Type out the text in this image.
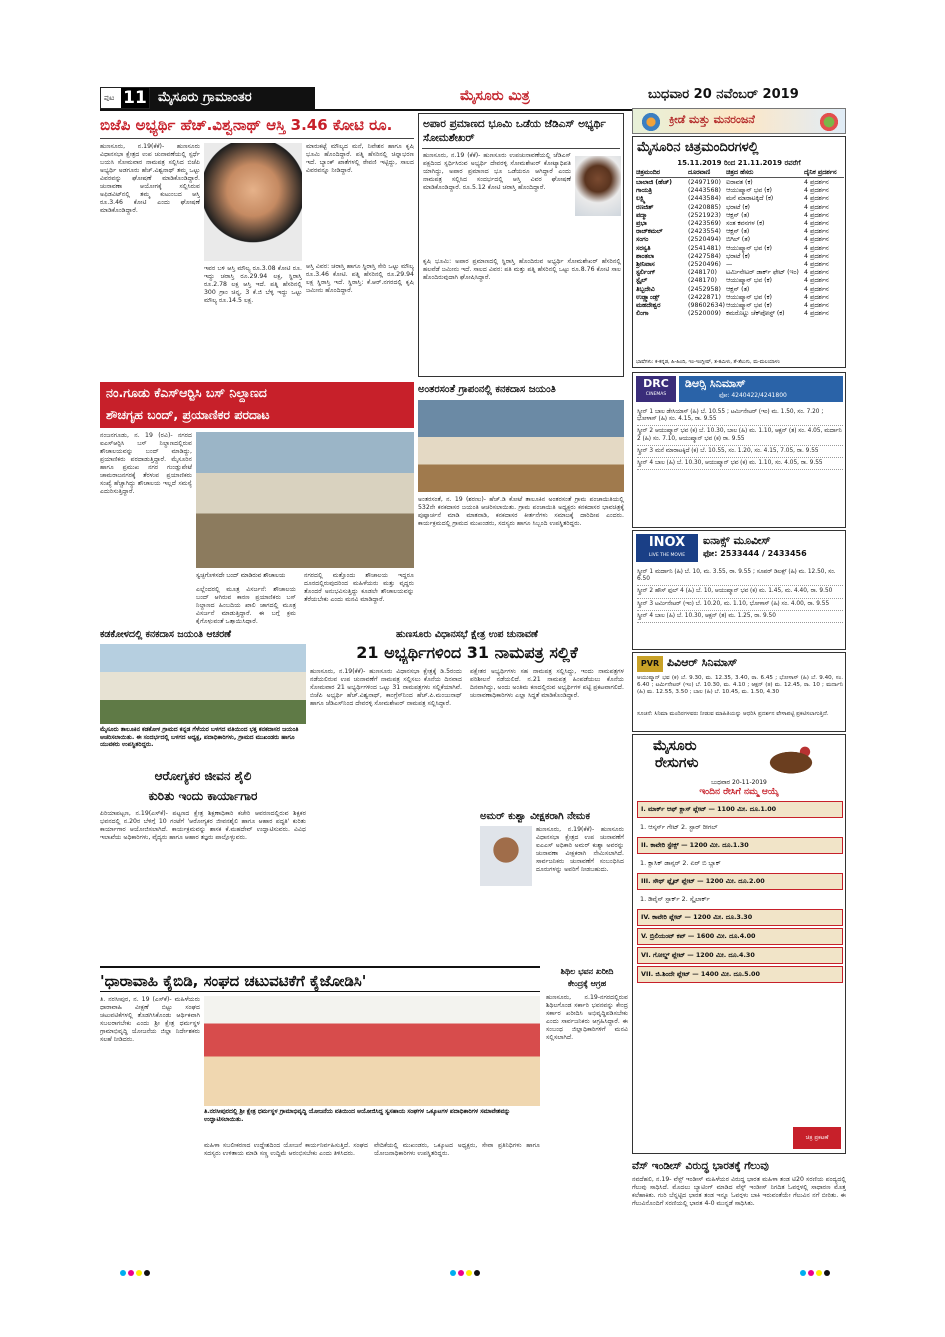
ಪುಟ 11 ಮೈಸೂರು ಗ್ರಾಮಾಂತರ	ಮೈಸೂರು ಮಿತ್ರ	ಬುಧವಾರ 20 ನವೆಂಬರ್ 2019
ಬಿಜೆಪಿ ಅಭ್ಯರ್ಥಿ ಹೆಚ್.ವಿಶ್ವನಾಥ್ ಆಸ್ತಿ 3.46 ಕೋಟಿ ರೂ.
ಹುಣಸೂರು, ನ.19(ಕೆಕೆ)- ಹುಣಸೂರು ವಿಧಾನಸಭಾ ಕ್ಷೇತ್ರದ ಉಪ ಚುನಾವಣೆಯಲ್ಲಿ ಸ್ಪರ್ಧೆ ಬಯಸಿ ಸೋಮವಾರ ನಾಮಪತ್ರ ಸಲ್ಲಿಸಿದ ಬಿಜೆಪಿ ಅಭ್ಯರ್ಥಿ ಅಡಗೂರು ಹೆಚ್.ವಿಶ್ವನಾಥ್ ತಮ್ಮ ಒಟ್ಟು ವಿವರವನ್ನು ಘೋಷಣೆ ಮಾಡಿಕೊಂಡಿದ್ದಾರೆ. ಚುನಾವಣಾ ಆಯೋಗಕ್ಕೆ ಸಲ್ಲಿಸಿರುವ ಅಫಿಡವಿಟ್‍ನಲ್ಲಿ ತಮ್ಮ ಕುಟುಂಬದ ಆಸ್ತಿ ರೂ.3.46 ಕೋಟಿ ಎಂದು ಘೋಷಣೆ ಮಾಡಿಕೊಂಡಿದ್ದಾರೆ.
ಮಾರುಕಟ್ಟೆ ಮೌಲ್ಯದ ಮನೆ, ನಿವೇಶನ ಹಾಗೂ ಕೃಷಿ ಭೂಮಿ ಹೊಂದಿದ್ದಾರೆ. ಪತ್ನಿ ಹೆಸರಿನಲ್ಲಿ ಚಿನ್ನಾಭರಣ ಇದೆ. ಬ್ಯಾಂಕ್ ಖಾತೆಗಳಲ್ಲಿ ಠೇವಣಿ ಇಟ್ಟಿದ್ದು, ಸಾಲದ ವಿವರವನ್ನೂ ನೀಡಿದ್ದಾರೆ.
ಆಸ್ತಿ ವಿವರ: ಚರಾಸ್ತಿ ಹಾಗೂ ಸ್ಥಿರಾಸ್ತಿ ಸೇರಿ ಒಟ್ಟು ಮೌಲ್ಯ ರೂ.3.46 ಕೋಟಿ. ಪತ್ನಿ ಹೆಸರಿನಲ್ಲಿ ರೂ.29.94 ಲಕ್ಷ ಸ್ಥಿರಾಸ್ತಿ ಇದೆ. ಸ್ಥಿರಾಸ್ತಿ: ಕೆ.ಆರ್.ನಗರದಲ್ಲಿ ಕೃಷಿ ಜಮೀನು ಹೊಂದಿದ್ದಾರೆ.
ಇವರ ಬಳಿ ಆಸ್ತಿ ಮೌಲ್ಯ ರೂ.3.08 ಕೋಟಿ ರೂ. ಇದ್ದು ಚರಾಸ್ತಿ ರೂ.29.94 ಲಕ್ಷ, ಸ್ಥಿರಾಸ್ತಿ ರೂ.2.78 ಲಕ್ಷ ಆಸ್ತಿ ಇದೆ. ಪತ್ನಿ ಹೆಸರಿನಲ್ಲಿ 300 ಗ್ರಾಂ ಚಿನ್ನ, 3 ಕೆ.ಜಿ ಬೆಳ್ಳಿ ಇದ್ದು ಒಟ್ಟು ಮೌಲ್ಯ ರೂ.14.5 ಲಕ್ಷ.
ಅಪಾರ ಪ್ರಮಾಣದ ಭೂಮಿ ಒಡೆಯ ಜೆಡಿಎಸ್ ಅಭ್ಯರ್ಥಿ ಸೋಮಶೇಖರ್
ಹುಣಸೂರು, ನ.19 (ಕೆಕೆ)- ಹುಣಸೂರು ಉಪಚುನಾವಣೆಯಲ್ಲಿ ಜೆಡಿಎಸ್ ಪಕ್ಷದಿಂದ ಸ್ಪರ್ಧಿಸಿರುವ ಅಭ್ಯರ್ಥಿ ದೇವರಳ್ಳಿ ಸೋಮಶೇಖರ್ ಕೋಟ್ಯಾಧಿಪತಿ ಯಾಗಿದ್ದು, ಅಪಾರ ಪ್ರಮಾಣದ ಭೂ ಒಡೆಯರೂ ಆಗಿದ್ದಾರೆ ಎಂದು ನಾಮಪತ್ರ ಸಲ್ಲಿಸಿದ ಸಂದರ್ಭದಲ್ಲಿ ಆಸ್ತಿ ವಿವರ ಘೋಷಣೆ ಮಾಡಿಕೊಂಡಿದ್ದಾರೆ. ರೂ.5.12 ಕೋಟಿ ಚರಾಸ್ತಿ ಹೊಂದಿದ್ದಾರೆ.
ಕೃಷಿ ಭೂಮಿ: ಅಪಾರ ಪ್ರಮಾಣದಲ್ಲಿ ಸ್ಥಿರಾಸ್ತಿ ಹೊಂದಿರುವ ಅಭ್ಯರ್ಥಿ ಸೋಮಶೇಖರ್ ಹೆಸರಿನಲ್ಲಿ ಹಲವೆಡೆ ಜಮೀನು ಇದೆ. ಸಾಲದ ವಿವರ: ಪತಿ ಮತ್ತು ಪತ್ನಿ ಹೆಸರಿನಲ್ಲಿ ಒಟ್ಟು ರೂ.8.76 ಕೋಟಿ ಸಾಲ ಹೊಂದಿರುವುದಾಗಿ ಘೋಷಿಸಿದ್ದಾರೆ.
ಕ್ರೀಡೆ ಮತ್ತು ಮನರಂಜನೆ
ಮೈಸೂರಿನ ಚಿತ್ರಮಂದಿರಗಳಲ್ಲಿ
15.11.2019 ರಿಂದ 21.11.2019 ರವರೆಗೆ
ಚಿತ್ರಮಂದಿರ	ದೂರವಾಣಿ	ಚಿತ್ರದ ಹೆಸರು	ದೈನಿಕ ಪ್ರದರ್ಶನ
ಬಾಲಾಜಿ (ಹೆಚ್)	(2497190) ಐರಾವತ (ಕ)	4 ಪ್ರದರ್ಶನ
ಗಾಯತ್ರಿ	(2443568) ಆಯುಷ್ಮಾನ್ ಭವ (ಕ)	4 ಪ್ರದರ್ಶನ
ಲಕ್ಷ್ಮಿ	(2443584) ಮನೆ ಮಾರಾಟಕ್ಕಿದೆ (ಕ)	4 ಪ್ರದರ್ಶನ
ರಣಜಿತ್	(2420885) ಭರಾಟೆ (ಕ)	4 ಪ್ರದರ್ಶನ
ಪದ್ಮಾ	(2521923) ಆಕ್ಷನ್ (ತ)	4 ಪ್ರದರ್ಶನ
ಪ್ರಭಾ	(2423569) ಸಂತ ಕವನಗಳ (ಕ)	4 ಪ್ರದರ್ಶನ
ರಾಜ್‍ಕಮಲ್	(2423554) ಆಕ್ಷನ್ (ತ)	4 ಪ್ರದರ್ಶನ
ಸಂಗಂ	(2520494) ಬಿಗಿಲ್ (ತ)	4 ಪ್ರದರ್ಶನ
ಸರಸ್ವತಿ	(2541481) ಆಯುಷ್ಮಾನ್ ಭವ (ಕ)	4 ಪ್ರದರ್ಶನ
ಶಾಂತಲಾ	(2427584) ಭರಾಟೆ (ಕ)	4 ಪ್ರದರ್ಶನ
ಶ್ರೀನಿವಾಸ	(2520496) —	4 ಪ್ರದರ್ಶನ
ಸ್ಟರ್ಲಿಂಗ್	(248170)	ಟರ್ಮಿನೇಟರ್ ಡಾರ್ಕ್ ಫೇಟ್ (ಇಂ) 4 ಪ್ರದರ್ಶನ
ಸ್ಟೈಲ್	(248170)	ಆಯುಷ್ಮಾನ್ ಭವ (ಕ)	4 ಪ್ರದರ್ಶನ
ತಿಬ್ಬದೇವಿ	(2452958) ಆಕ್ಷನ್ (ತ)	4 ಪ್ರದರ್ಶನ
ಉಡ್ಲ್ಯಾಂಡ್ಸ್	(2422871) ಆಯುಷ್ಮಾನ್ ಭವ (ಕ)	4 ಪ್ರದರ್ಶನ
ಮಹದೇಶ್ವರ	(98602634) ಆಯುಷ್ಮಾನ್ ಭವ (ಕ)	4 ಪ್ರದರ್ಶನ
ಲಿಂಗಾ	(2520009) ಕಮರೊಟ್ಟು ಚೆಕ್‍ಪೋಸ್ಟ್ (ಕ)	4 ಪ್ರದರ್ಶನ
ಭಾಷೆಗಳು: ಕ-ಕನ್ನಡ, ಹಿ-ಹಿಂದಿ, ಇಂ-ಇಂಗ್ಲೀಷ್, ತ-ತಮಿಳು, ತೆ-ತೆಲುಗು, ಮ-ಮಲಯಾಳಂ
DRC
CINEMAS
ಡಿಆರ್‍ಸಿ ಸಿನಿಮಾಸ್
ಫೋ: 4240422/4241800
ಸ್ಕ್ರೀನ್ 1 ಬಾಲ ಡೇಸಿಯಾಸ್ (ಹಿ) ಬೆ. 10.55 ; ಟರ್ಮಿನೇಟರ್ (ಇಂ) ಮ. 1.50, ಸಂ. 7.20 ; ಭೋಳಾಸ್ (ಹಿ) ಸಂ. 4.15, ರಾ. 9.55
ಸ್ಕ್ರೀನ್ 2 ಆಯುಷ್ಮಾನ್ ಭವ (ಕ) ಬೆ. 10.30, ಬಾಲ (ಹಿ) ಮ. 1.10, ಆಕ್ಷನ್ (ತ) ಸಂ. 4.05, ಮರ್ದಾನಿ 2 (ಹಿ) ಸಂ. 7.10, ಆಯುಷ್ಮಾನ್ ಭವ (ಕ) ರಾ. 9.55
ಸ್ಕ್ರೀನ್ 3 ಮನೆ ಮಾರಾಟಕ್ಕಿದೆ (ಕ) ಬೆ. 10.55, ಸಂ. 1.20, ಸಂ. 4.15, 7.05, ರಾ. 9.55
ಸ್ಕ್ರೀನ್ 4 ಬಾಲ (ಹಿ) ಬೆ. 10.30, ಆಯುಷ್ಮಾನ್ ಭವ (ಕ) ಮ. 1.10, ಸಂ. 4.05, ರಾ. 9.55
INOX
LIVE THE MOVIE
ಐನಾಕ್ಸ್ ಮೂವೀಸ್
ಫೋ: 2533444 / 2433456
ಸ್ಕ್ರೀನ್ 1 ಮರ್ದಾನಿ (ಹಿ) ಬೆ. 10, ಮ. 3.55, ರಾ. 9.55 ; ಸೂಪರ್ ಡಿಲಕ್ಸ್ (ಹಿ) ಮ. 12.50, ಸಂ. 6.50
ಸ್ಕ್ರೀನ್ 2 ಹೌಸ್ ಫುಲ್ 4 (ಹಿ) ಬೆ. 10, ಆಯುಷ್ಮಾನ್ ಭವ (ಕ) ಮ. 1.45, ಮ. 4.40, ರಾ. 9.50
ಸ್ಕ್ರೀನ್ 3 ಟರ್ಮಿನೇಟರ್ (ಇಂ) ಬೆ. 10.20, ಮ. 1.10, ಭೋಳಾಸ್ (ಹಿ) ಸಂ. 4.00, ರಾ. 9.55
ಸ್ಕ್ರೀನ್ 4 ಬಾಲ (ಹಿ) ಬೆ. 10.30, ಆಕ್ಷನ್ (ತ) ಮ. 1.25, ರಾ. 9.50
PVR ಪಿವಿಆರ್ ಸಿನಿಮಾಸ್
ಆಯುಷ್ಮಾನ್ ಭವ (ಕ) ಬೆ. 9.30, ಮ. 12.35, 3.40, ರಾ. 6.45 ; ಭೋಳಾಸ್ (ಹಿ) ಬೆ. 9.40, ಸಂ. 6.40 ; ಟರ್ಮಿನೇಟರ್ (ಇಂ) ಬೆ. 10.30, ಮ. 4.10 ; ಆಕ್ಷನ್ (ತ) ಮ. 12.45, ರಾ. 10 ; ಮರ್ದಾನಿ (ಹಿ) ಮ. 12.55, 3.50 ; ಬಾಲ (ಹಿ) ಬೆ. 10.45, ಮ. 1.50, 4.30
ಸೂಚನೆ: ಸಿನಿಮಾ ಮಂದಿರಗಳವರು ನೀಡುವ ಮಾಹಿತಿಯನ್ನು ಆಧರಿಸಿ ಪ್ರದರ್ಶನ ವೇಳಾಪಟ್ಟಿ ಪ್ರಕಟಿಸಲಾಗುತ್ತಿದೆ.
ಮೈಸೂರು
ರೇಸುಗಳು
ಬುಧವಾರ 20-11-2019
ಇಂದಿನ ರೇಸಿಗೆ ನಮ್ಮ ಆಯ್ಕೆ
I. ಮಾರ್ಕ್ ಆಫ್ ಕ್ಲಾಸ್ ಪ್ಲೇಟ್ — 1100 ಮೀ. ದೂ.1.00
1. ಆಸ್ಕರ್ಸ್ ಗೇಟ್ 2. ಸ್ಟಾರ್ ರೀಗಲ್
II. ಕಾವೇರಿ ಸ್ಟೇಕ್ಸ್ — 1200 ಮೀ. ದೂ.1.30
1. ಕ್ಲಾಸಿಕ್ ಡಾನ್ಸರ್ 2. ಏರ್ ಬಿ ಬ್ಲಾಕ್
III. ಸೌಥ್ ಫ್ಲೈಟ್ ಪ್ಲೇಟ್ — 1200 ಮೀ. ದೂ.2.00
1. ಡಿವೈನ್ ಸ್ಪಾರ್ಕ್ 2. ಸ್ಕೈಲಾರ್ಕ್
IV. ಕಾವೇರಿ ಪ್ಲೇಟ್ — 1200 ಮೀ. ದೂ.3.30
V. ಬ್ರಿಲಿಯಂಟ್ ಕಪ್ — 1600 ಮೀ. ದೂ.4.00
VI. ಗೋಲ್ಡ್ ಪ್ಲೇಟ್ — 1200 ಮೀ. ದೂ.4.30
VII. ಜಿ.ಶಿಂದೇ ಪ್ಲೇಟ್ — 1400 ಮೀ. ದೂ.5.00
ಚಿತ್ರ ಪ್ರಕಟಣೆ
ನಂ.ಗೂಡು ಕೆಎಸ್‍ಆರ್‍ಟಿಸಿ ಬಸ್ ನಿಲ್ದಾಣದ
ಶೌಚಗೃಹ ಬಂದ್, ಪ್ರಯಾಣಿಕರ ಪರದಾಟ
ನಂಜನಗೂಡು, ನ. 19 (ರವಿ)- ನಗರದ ಐಎಸ್‍ಆರ್‍ಟಿಸಿ ಬಸ್ ನಿಲ್ದಾಣದಲ್ಲಿರುವ ಶೌಚಾಲಯವನ್ನು ಬಂದ್ ಮಾಡಿದ್ದು, ಪ್ರಯಾಣಿಕರು ಪರದಾಡುತ್ತಿದ್ದಾರೆ. ಮೈಸೂರಿನ ಹಾಗೂ ಪ್ರಮುಖ ನಗರ ಗುಂಡ್ಲುಪೇಟೆ ಚಾಮರಾಜನಗರಕ್ಕೆ ತೆರಳುವ ಪ್ರಯಾಣಿಕರು ಸಂಖ್ಯೆ ಹೆಚ್ಚಾಗಿದ್ದು ಶೌಚಾಲಯ ಇಲ್ಲದೆ ಸಮಸ್ಯೆ ಎದುರಿಸುತ್ತಿದ್ದಾರೆ.
ಸ್ವಚ್ಛಗೊಳಿಸದೇ ಬಂದ್ ಮಾಡಿರುವ ಶೌಚಾಲಯ
ಎಲ್ಲೆಂದರಲ್ಲಿ ಮೂತ್ರ ವಿಸರ್ಜನೆ: ಶೌಚಾಲಯ ಬಂದ್ ಆಗಿರುವ ಕಾರಣ ಪ್ರಯಾಣಿಕರು ಬಸ್ ನಿಲ್ದಾಣದ ಹಿಂಬದಿಯ ಖಾಲಿ ಜಾಗದಲ್ಲಿ ಮೂತ್ರ ವಿಸರ್ಜನೆ ಮಾಡುತ್ತಿದ್ದಾರೆ. ಈ ಬಗ್ಗೆ ಕ್ರಮ ಕೈಗೊಳ್ಳುವಂತೆ ಒತ್ತಾಯಿಸಿದ್ದಾರೆ.
ನಗರದಲ್ಲಿ ಮತ್ತೊಂದು ಶೌಚಾಲಯ ಇದ್ದರೂ ದೂರದಲ್ಲಿರುವುದರಿಂದ ಮಹಿಳೆಯರು ಮತ್ತು ವೃದ್ಧರು ತೊಂದರೆ ಅನುಭವಿಸುತ್ತಿದ್ದು ಕೂಡಲೇ ಶೌಚಾಲಯವನ್ನು ತೆರೆಯಬೇಕು ಎಂದು ಮನವಿ ಮಾಡಿದ್ದಾರೆ.
ಅಂತರಸಂತೆ ಗ್ರಾಪಂನಲ್ಲಿ ಕನಕದಾಸ ಜಯಂತಿ
ಅಂತರಸಂತೆ, ನ. 19 (ಶರಣು)- ಹೆಚ್.ಡಿ ಕೋಟೆ ತಾಲೂಕಿನ ಅಂತರಸಂತೆ ಗ್ರಾಮ ಪಂಚಾಯಿತಿಯಲ್ಲಿ 532ನೇ ಕನಕದಾಸರ ಜಯಂತಿ ಆಚರಿಸಲಾಯಿತು. ಗ್ರಾಮ ಪಂಚಾಯಿತಿ ಅಧ್ಯಕ್ಷರು ಕನಕದಾಸರ ಭಾವಚಿತ್ರಕ್ಕೆ ಪುಷ್ಪಾರ್ಚನೆ ಮಾಡಿ ಮಾತನಾಡಿ, ಕನಕದಾಸರ ಕೀರ್ತನೆಗಳು ಸಮಾಜಕ್ಕೆ ದಾರಿದೀಪ ಎಂದರು. ಕಾರ್ಯಕ್ರಮದಲ್ಲಿ ಗ್ರಾಮದ ಮುಖಂಡರು, ಸದಸ್ಯರು ಹಾಗೂ ಸಿಬ್ಬಂದಿ ಉಪಸ್ಥಿತರಿದ್ದರು.
ಕಡಕೋಳದಲ್ಲಿ ಕನಕದಾಸ ಜಯಂತಿ ಆಚರಣೆ
ಮೈಸೂರು ತಾಲೂಕಿನ ಕಡಕೋಳ ಗ್ರಾಮದ ಕನ್ನಡ ಗೆಳೆಯರ ಬಳಗದ ವತಿಯಿಂದ ಭಕ್ತ ಕನಕದಾಸರ ಜಯಂತಿ ಆಚರಿಸಲಾಯಿತು. ಈ ಸಂದರ್ಭದಲ್ಲಿ ಬಳಗದ ಅಧ್ಯಕ್ಷ, ಪದಾಧಿಕಾರಿಗಳು, ಗ್ರಾಮದ ಮುಖಂಡರು ಹಾಗೂ ಯುವಕರು ಉಪಸ್ಥಿತರಿದ್ದರು.
ಆರೋಗ್ಯಕರ ಜೀವನ ಶೈಲಿ
ಕುರಿತು ಇಂದು ಕಾರ್ಯಾಗಾರ
ಪಿರಿಯಾಪಟ್ಟಣ, ನ.19(ಎಸ್‍ಕೆ)- ಪಟ್ಟಣದ ಕ್ಷೇತ್ರ ಶಿಕ್ಷಣಾಧಿಕಾರಿ ಕಚೇರಿ ಆವರಣದಲ್ಲಿರುವ ಶಿಕ್ಷಕರ ಭವನದಲ್ಲಿ ನ.20ರ ಬೆಳಿಗ್ಗೆ 10 ಗಂಟೆಗೆ 'ಆರೋಗ್ಯಕರ ಜೀವನಶೈಲಿ ಹಾಗೂ ಆಹಾರ ಪದ್ಧತಿ' ಕುರಿತು ಕಾರ್ಯಾಗಾರ ಆಯೋಜಿಸಲಾಗಿದೆ. ಕಾರ್ಯಕ್ರಮವನ್ನು ಶಾಸಕ ಕೆ.ಮಹದೇವ್ ಉದ್ಘಾಟಿಸುವರು. ವಿವಿಧ ಇಲಾಖೆಯ ಅಧಿಕಾರಿಗಳು, ವೈದ್ಯರು ಹಾಗೂ ಆಹಾರ ತಜ್ಞರು ಪಾಲ್ಗೊಳ್ಳುವರು.
ಹುಣಸೂರು ವಿಧಾನಸಭೆ ಕ್ಷೇತ್ರ ಉಪ ಚುನಾವಣೆ
21 ಅಭ್ಯರ್ಥಿಗಳಿಂದ 31 ನಾಮಪತ್ರ ಸಲ್ಲಿಕೆ
ಹುಣಸೂರು, ನ.19(ಕೆಕೆ)- ಹುಣಸೂರು ವಿಧಾನಸಭಾ ಕ್ಷೇತ್ರಕ್ಕೆ ಡಿ.5ರಂದು ನಡೆಯಲಿರುವ ಉಪ ಚುನಾವಣೆಗೆ ನಾಮಪತ್ರ ಸಲ್ಲಿಸಲು ಕೊನೆಯ ದಿನವಾದ ಸೋಮವಾರ 21 ಅಭ್ಯರ್ಥಿಗಳಿಂದ ಒಟ್ಟು 31 ನಾಮಪತ್ರಗಳು ಸಲ್ಲಿಕೆಯಾಗಿವೆ. ಬಿಜೆಪಿ ಅಭ್ಯರ್ಥಿ ಹೆಚ್.ವಿಶ್ವನಾಥ್, ಕಾಂಗ್ರೆಸ್‍ನಿಂದ ಹೆಚ್.ಪಿ.ಮಂಜುನಾಥ್ ಹಾಗೂ ಜೆಡಿಎಸ್‍ನಿಂದ ದೇವರಳ್ಳಿ ಸೋಮಶೇಖರ್ ನಾಮಪತ್ರ ಸಲ್ಲಿಸಿದ್ದಾರೆ.
ಪಕ್ಷೇತರ ಅಭ್ಯರ್ಥಿಗಳು ಸಹ ನಾಮಪತ್ರ ಸಲ್ಲಿಸಿದ್ದು, ಇಂದು ನಾಮಪತ್ರಗಳ ಪರಿಶೀಲನೆ ನಡೆಯಲಿದೆ. ನ.21 ನಾಮಪತ್ರ ಹಿಂಪಡೆಯಲು ಕೊನೆಯ ದಿನವಾಗಿದ್ದು, ಅಂದು ಅಂತಿಮ ಕಣದಲ್ಲಿರುವ ಅಭ್ಯರ್ಥಿಗಳ ಪಟ್ಟಿ ಪ್ರಕಟವಾಗಲಿದೆ. ಚುನಾವಣಾಧಿಕಾರಿಗಳು ಎಲ್ಲಾ ಸಿದ್ಧತೆ ಮಾಡಿಕೊಂಡಿದ್ದಾರೆ.
ಅಮರ್ ಕುಶ್ವಾ ವೀಕ್ಷಕರಾಗಿ ನೇಮಕ
ಹುಣಸೂರು, ನ.19(ಕೆಕೆ)- ಹುಣಸೂರು ವಿಧಾನಸಭಾ ಕ್ಷೇತ್ರದ ಉಪ ಚುನಾವಣೆಗೆ ಐಎಎಸ್ ಅಧಿಕಾರಿ ಅಮರ್ ಕುಶ್ವಾ ಅವರನ್ನು ಚುನಾವಣಾ ವೀಕ್ಷಕರಾಗಿ ನೇಮಿಸಲಾಗಿದೆ. ಸಾರ್ವಜನಿಕರು ಚುನಾವಣೆಗೆ ಸಂಬಂಧಿಸಿದ ದೂರುಗಳನ್ನು ಅವರಿಗೆ ನೀಡಬಹುದು.
'ಧಾರಾವಾಹಿ ಕೈಬಿಡಿ, ಸಂಘದ ಚಟುವಟಿಕೆಗೆ ಕೈಜೋಡಿಸಿ'
ತಿ. ನರಸೀಪುರ, ನ. 19 (ಎಸ್‍ಕೆ)- ಮಹಿಳೆಯರು ಧಾರಾವಾಹಿ ವೀಕ್ಷಣೆ ಬಿಟ್ಟು ಸಂಘದ ಚಟುವಟಿಕೆಗಳಲ್ಲಿ ತೊಡಗಿಸಿಕೊಂಡು ಆರ್ಥಿಕವಾಗಿ ಸಬಲರಾಗಬೇಕು ಎಂದು ಶ್ರೀ ಕ್ಷೇತ್ರ ಧರ್ಮಸ್ಥಳ ಗ್ರಾಮಾಭಿವೃದ್ಧಿ ಯೋಜನೆಯ ಜಿಲ್ಲಾ ನಿರ್ದೇಶಕರು ಸಲಹೆ ನೀಡಿದರು.
ತಿ.ನರಸೀಪುರದಲ್ಲಿ ಶ್ರೀ ಕ್ಷೇತ್ರ ಧರ್ಮಸ್ಥಳ ಗ್ರಾಮಾಭಿವೃದ್ಧಿ ಯೋಜನೆಯ ವತಿಯಿಂದ ಆಯೋಜಿಸಿದ್ದ ಸ್ವಸಹಾಯ ಸಂಘಗಳ ಒಕ್ಕೂಟಗಳ ಪದಾಧಿಕಾರಿಗಳ ಸಮಾವೇಶವನ್ನು ಉದ್ಘಾಟಿಸಲಾಯಿತು.
ಮಹಿಳಾ ಸಬಲೀಕರಣದ ಉದ್ದೇಶದಿಂದ ಯೋಜನೆ ಕಾರ್ಯನಿರ್ವಹಿಸುತ್ತಿದೆ. ಸಂಘದ ಸದಸ್ಯರು ಉಳಿತಾಯ ಮಾಡಿ ಸಣ್ಣ ಉದ್ದಿಮೆ ಆರಂಭಿಸಬೇಕು ಎಂದು ತಿಳಿಸಿದರು.
ವೇದಿಕೆಯಲ್ಲಿ ಮುಖಂಡರು, ಒಕ್ಕೂಟದ ಅಧ್ಯಕ್ಷರು, ಸೇವಾ ಪ್ರತಿನಿಧಿಗಳು ಹಾಗೂ ಯೋಜನಾಧಿಕಾರಿಗಳು ಉಪಸ್ಥಿತರಿದ್ದರು.
ಶಿಥಿಲ ಭವನ ಖರೀದಿ
ಕೇಂದ್ರಕ್ಕೆ ಆಗ್ರಹ
ಹುಣಸೂರು, ನ.19-ನಗರದಲ್ಲಿರುವ ಶಿಥಿಲಗೊಂಡ ಸರ್ಕಾರಿ ಭವನವನ್ನು ಕೇಂದ್ರ ಸರ್ಕಾರ ಖರೀದಿಸಿ ಅಭಿವೃದ್ಧಿಪಡಿಸಬೇಕು ಎಂದು ಸಾರ್ವಜನಿಕರು ಆಗ್ರಹಿಸಿದ್ದಾರೆ. ಈ ಸಂಬಂಧ ಜಿಲ್ಲಾಧಿಕಾರಿಗಳಿಗೆ ಮನವಿ ಸಲ್ಲಿಸಲಾಗಿದೆ.
ವೆಸ್ ಇಂಡೀಸ್ ವಿರುದ್ಧ ಭಾರತಕ್ಕೆ ಗೆಲುವು
ನವದೆಹಲಿ, ನ.19- ವೆಸ್ಟ್ ಇಂಡೀಸ್ ಮಹಿಳೆಯರ ವಿರುದ್ಧ ಭಾರತ ಮಹಿಳಾ ತಂಡ ಟಿ20 ಸರಣಿಯ ಪಂದ್ಯದಲ್ಲಿ ಗೆಲುವು ಸಾಧಿಸಿದೆ. ಮೊದಲು ಬ್ಯಾಟಿಂಗ್ ಮಾಡಿದ ವೆಸ್ಟ್ ಇಂಡೀಸ್ ನಿಗದಿತ ಓವರ್‍ಗಳಲ್ಲಿ ಸಾಧಾರಣ ಮೊತ್ತ ಕಲೆಹಾಕಿತು. ಗುರಿ ಬೆನ್ನಟ್ಟಿದ ಭಾರತ ತಂಡ ಇನ್ನೂ ಓವರ್‍ಗಳು ಬಾಕಿ ಇರುವಂತೆಯೇ ಗೆಲುವಿನ ನಗೆ ಬೀರಿತು. ಈ ಗೆಲುವಿನೊಂದಿಗೆ ಸರಣಿಯಲ್ಲಿ ಭಾರತ 4-0 ಮುನ್ನಡೆ ಸಾಧಿಸಿತು.
